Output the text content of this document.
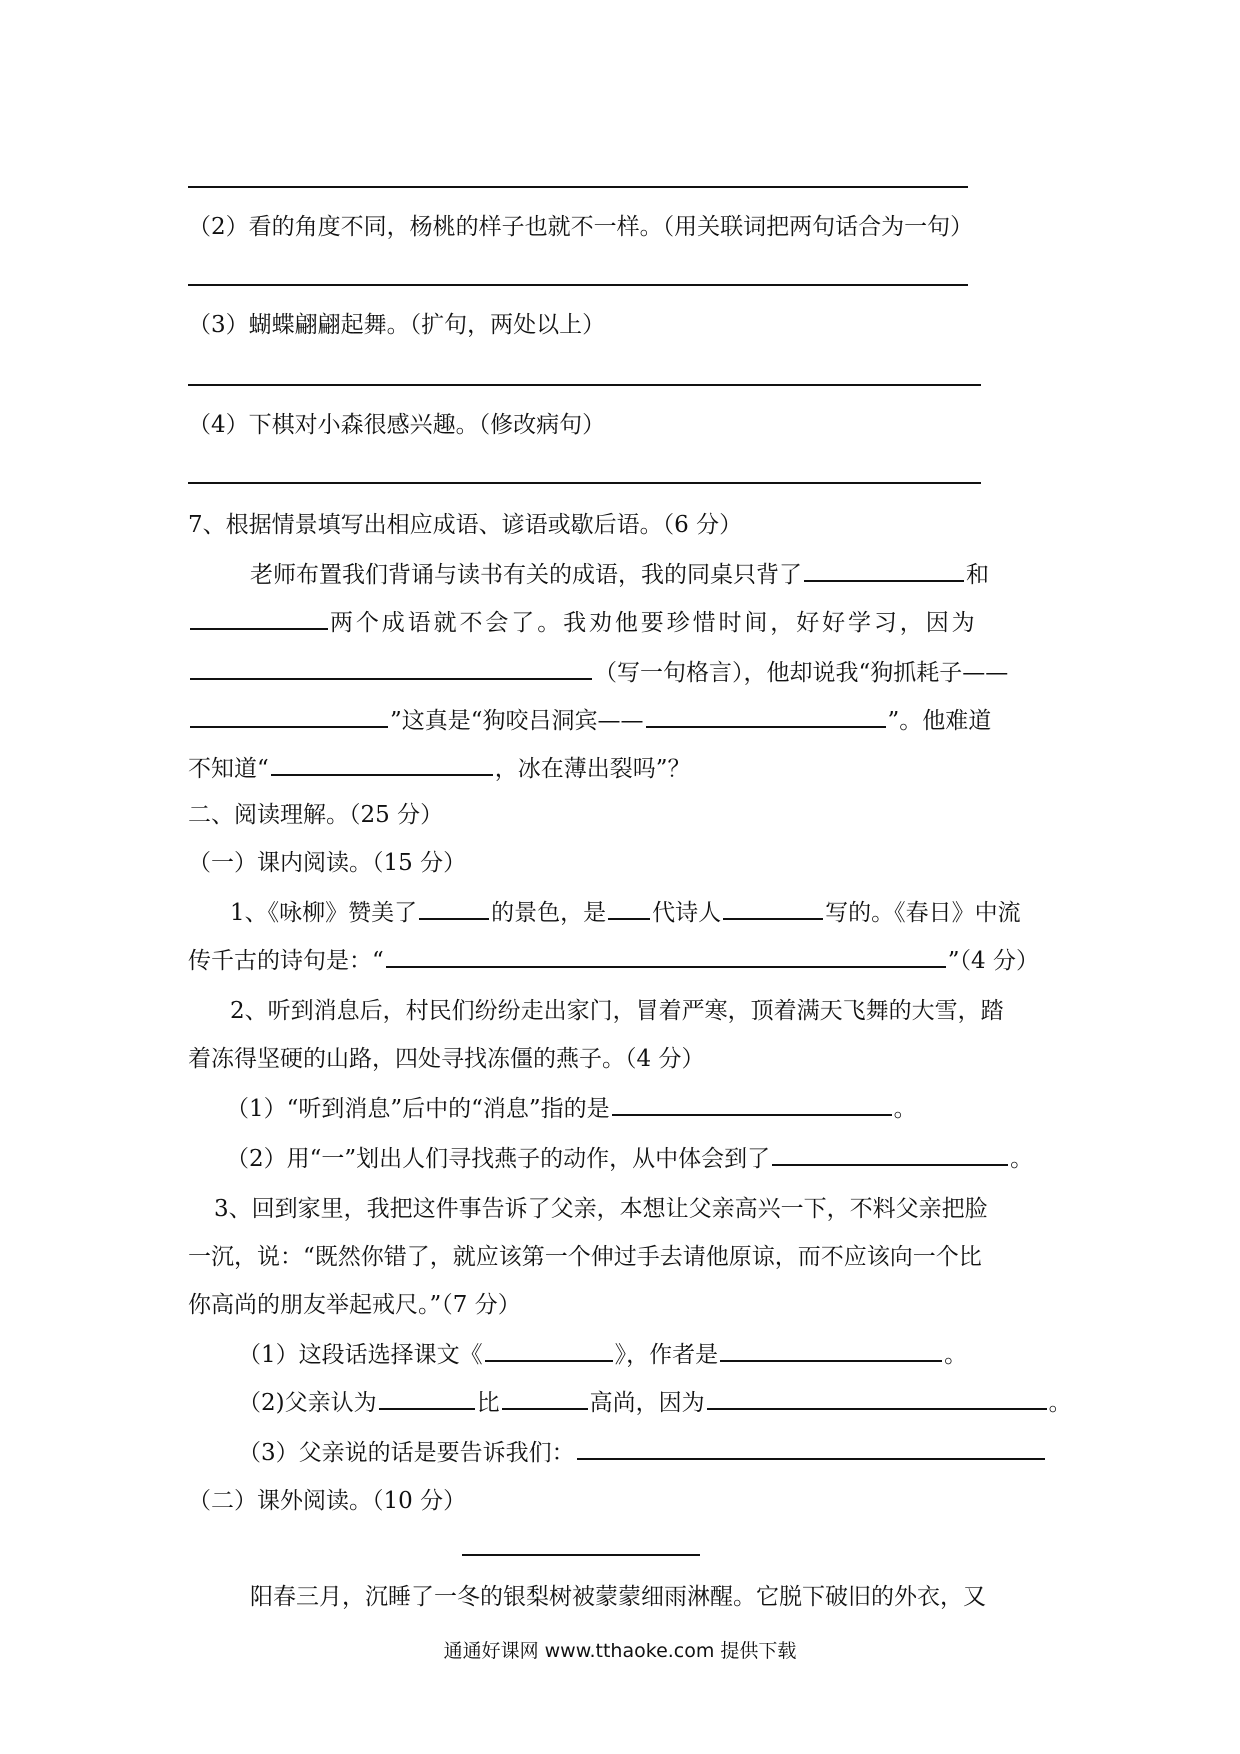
（2）看的角度不同，杨桃的样子也就不一样。（用关联词把两句话合为一句）
（3）蝴蝶翩翩起舞。（扩句，两处以上）
（4）下棋对小森很感兴趣。（修改病句）
7、根据情景填写出相应成语、谚语或歇后语。（6 分）
老师布置我们背诵与读书有关的成语，我的同桌只背了	和
两个成语就不会了。我劝他要珍惜时间，好好学习，因为
（写一句格言），他却说我“狗抓耗子——
”这真是“狗咬吕洞宾——	”。他难道
不知道“	，冰在薄出裂吗”？
二、阅读理解。（25 分）
（一）课内阅读。（15 分）
1、《咏柳》赞美了	的景色，是 代诗人	写的。《春日》中流
传千古的诗句是：“	”（4 分）
2、听到消息后，村民们纷纷走出家门，冒着严寒，顶着满天飞舞的大雪，踏
着冻得坚硬的山路，四处寻找冻僵的燕子。（4 分）
（1）“听到消息”后中的“消息”指的是	。
（2）用“一”划出人们寻找燕子的动作，从中体会到了	。
3、回到家里，我把这件事告诉了父亲，本想让父亲高兴一下，不料父亲把脸
一沉，说：“既然你错了，就应该第一个伸过手去请他原谅，而不应该向一个比
你高尚的朋友举起戒尺。”（7 分）
（1）这段话选择课文《	》，作者是	。
（2)父亲认为	比	高尚，因为	。
（3）父亲说的话是要告诉我们：
（二）课外阅读。（10 分）
阳春三月，沉睡了一冬的银梨树被蒙蒙细雨淋醒。它脱下破旧的外衣，又
通通好课网 www.tthaoke.com 提供下载
